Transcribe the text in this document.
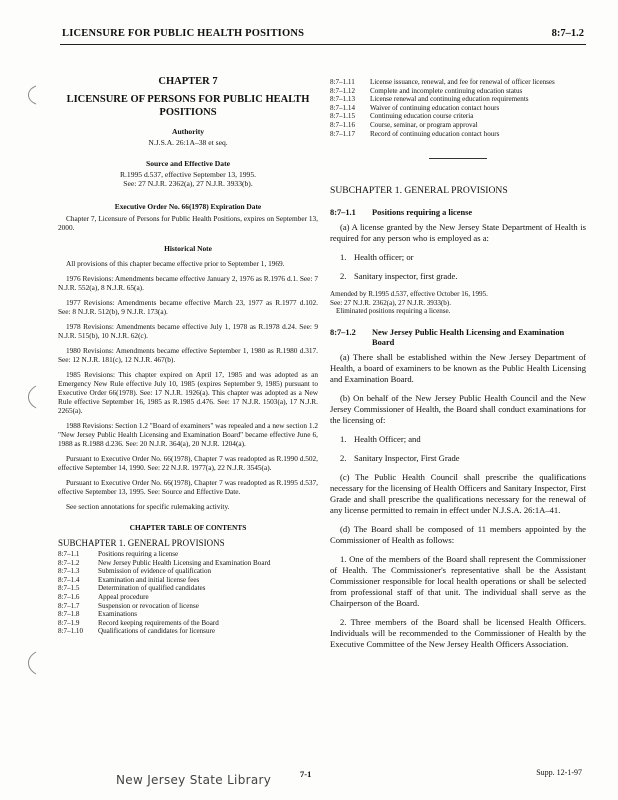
LICENSURE FOR PUBLIC HEALTH POSITIONS	8:7–1.2

CHAPTER 7

LICENSURE OF PERSONS FOR PUBLIC HEALTH POSITIONS

Authority

N.J.S.A. 26:1A–38 et seq.

Source and Effective Date

R.1995 d.537, effective September 13, 1995.

See: 27 N.J.R. 2362(a), 27 N.J.R. 3933(b).

Executive Order No. 66(1978) Expiration Date

Chapter 7, Licensure of Persons for Public Health Positions, expires on September 13, 2000.

Historical Note

All provisions of this chapter became effective prior to September 1, 1969.

1976 Revisions: Amendments became effective January 2, 1976 as R.1976 d.1. See: 7 N.J.R. 552(a), 8 N.J.R. 65(a).

1977 Revisions: Amendments became effective March 23, 1977 as R.1977 d.102. See: 8 N.J.R. 512(b), 9 N.J.R. 173(a).

1978 Revisions: Amendments became effective July 1, 1978 as R.1978 d.24. See: 9 N.J.R. 515(b), 10 N.J.R. 62(c).

1980 Revisions: Amendments became effective September 1, 1980 as R.1980 d.317. See: 12 N.J.R. 181(c), 12 N.J.R. 467(b).

1985 Revisions: This chapter expired on April 17, 1985 and was adopted as an Emergency New Rule effective July 10, 1985 (expires September 9, 1985) pursuant to Executive Order 66(1978). See: 17 N.J.R. 1926(a). This chapter was adopted as a New Rule effective September 16, 1985 as R.1985 d.476. See: 17 N.J.R. 1503(a), 17 N.J.R. 2265(a).

1988 Revisions: Section 1.2 "Board of examiners" was repealed and a new section 1.2 "New Jersey Public Health Licensing and Examination Board" became effective June 6, 1988 as R.1988 d.236. See: 20 N.J.R. 364(a), 20 N.J.R. 1204(a).

Pursuant to Executive Order No. 66(1978), Chapter 7 was readopted as R.1990 d.502, effective September 14, 1990. See: 22 N.J.R. 1977(a), 22 N.J.R. 3545(a).

Pursuant to Executive Order No. 66(1978), Chapter 7 was readopted as R.1995 d.537, effective September 13, 1995. See: Source and Effective Date.

See section annotations for specific rulemaking activity.

CHAPTER TABLE OF CONTENTS

SUBCHAPTER 1. GENERAL PROVISIONS

8:7–1.1	Positions requiring a license
8:7–1.2	New Jersey Public Health Licensing and Examination Board
8:7–1.3	Submission of evidence of qualification
8:7–1.4	Examination and initial license fees
8:7–1.5	Determination of qualified candidates
8:7–1.6	Appeal procedure
8:7–1.7	Suspension or revocation of license
8:7–1.8	Examinations
8:7–1.9	Record keeping requirements of the Board
8:7–1.10	Qualifications of candidates for licensure
8:7–1.11	License issuance, renewal, and fee for renewal of officer licenses
8:7–1.12	Complete and incomplete continuing education status
8:7–1.13	License renewal and continuing education requirements
8:7–1.14	Waiver of continuing education contact hours
8:7–1.15	Continuing education course criteria
8:7–1.16	Course, seminar, or program approval
8:7–1.17	Record of continuing education contact hours

SUBCHAPTER 1. GENERAL PROVISIONS

8:7–1.1	Positions requiring a license

(a) A license granted by the New Jersey State Department of Health is required for any person who is employed as a:

1. Health officer; or
2. Sanitary inspector, first grade.

Amended by R.1995 d.537, effective October 16, 1995.

See: 27 N.J.R. 2362(a), 27 N.J.R. 3933(b).

Eliminated positions requiring a license.

8:7–1.2	New Jersey Public Health Licensing and Examination Board

(a) There shall be established within the New Jersey Department of Health, a board of examiners to be known as the Public Health Licensing and Examination Board.

(b) On behalf of the New Jersey Public Health Council and the New Jersey Commissioner of Health, the Board shall conduct examinations for the licensing of:

1. Health Officer; and
2. Sanitary Inspector, First Grade

(c) The Public Health Council shall prescribe the qualifications necessary for the licensing of Health Officers and Sanitary Inspector, First Grade and shall prescribe the qualifications necessary for the renewal of any license permitted to remain in effect under N.J.S.A. 26:1A–41.

(d) The Board shall be composed of 11 members appointed by the Commissioner of Health as follows:

1. One of the members of the Board shall represent the Commissioner of Health. The Commissioner's representative shall be the Assistant Commissioner responsible for local health operations or shall be selected from professional staff of that unit. The individual shall serve as the Chairperson of the Board.

2. Three members of the Board shall be licensed Health Officers. Individuals will be recommended to the Commissioner of Health by the Executive Committee of the New Jersey Health Officers Association.

New Jersey State Library	7-1	Supp. 12-1-97
